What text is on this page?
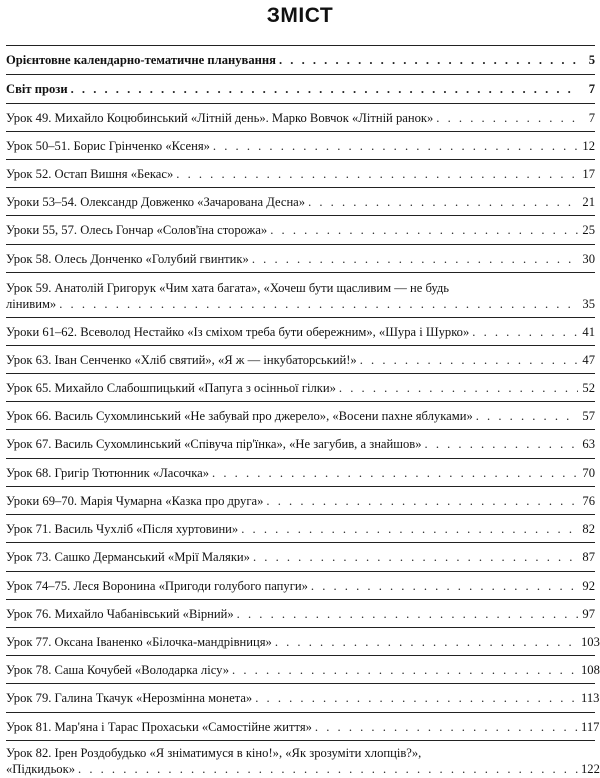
ЗМІСТ
Орієнтовне календарно-тематичне планування . . .	5
Світ прози . . .	7
Урок 49. Михайло Коцюбинський «Літній день». Марко Вовчок «Літній ранок» . . .	7
Урок 50–51. Борис Грінченко «Ксеня» . . .	12
Урок 52. Остап Вишня «Бекас» . . .	17
Уроки 53–54. Олександр Довженко «Зачарована Десна» . . .	21
Уроки 55, 57. Олесь Гончар «Солов'їна сторожа» . . .	25
Урок 58. Олесь Донченко «Голубий гвинтик» . . .	30
Урок 59. Анатолій Григорук «Чим хата багата», «Хочеш бути щасливим — не будь
лінивим» . . .	35
Уроки 61–62. Всеволод Нестайко «Із сміхом треба бути обережним», «Шура і Шурко» . . .	41
Урок 63. Іван Сенченко «Хліб святий», «Я ж — інкубаторський!» . . .	47
Урок 65. Михайло Слабошпицький «Папуга з осінньої гілки» . . .	52
Урок 66. Василь Сухомлинський «Не забувай про джерело», «Восени пахне яблуками» . . .	57
Урок 67. Василь Сухомлинський «Співуча пір'їнка», «Не загубив, а знайшов» . . .	63
Урок 68. Григір Тютюнник «Ласочка» . . .	70
Уроки 69–70. Марія Чумарна «Казка про друга» . . .	76
Урок 71. Василь Чухліб «Після хуртовини» . . .	82
Урок 73. Сашко Дерманський «Мрії Маляки» . . .	87
Урок 74–75. Леся Воронина «Пригоди голубого папуги» . . .	92
Урок 76. Михайло Чабанівський «Вірний» . . .	97
Урок 77. Оксана Іваненко «Білочка-мандрівниця» . . .	103
Урок 78. Саша Кочубей «Володарка лісу» . . .	108
Урок 79. Галина Ткачук «Нерозмінна монета» . . .	113
Урок 81. Мар'яна і Тарас Прохаськи «Самостійне життя» . . .	117
Урок 82. Ірен Роздобудько «Я зніматимуся в кіно!», «Як зрозуміти хлопців?»,
«Підкидьок» . . .	122
